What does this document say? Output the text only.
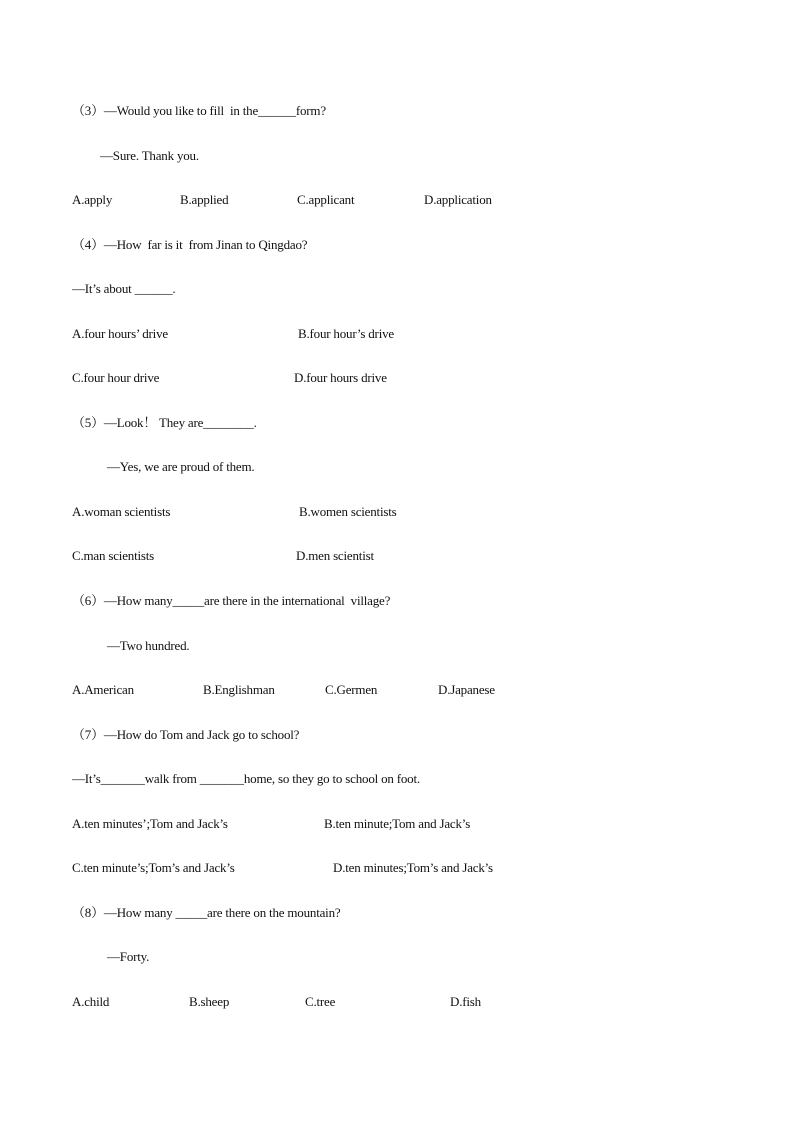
（3）—Would you like to fill  in the______form?
—Sure. Thank you.
A.apply	B.applied	C.applicant	D.application
（4）—How  far is it  from Jinan to Qingdao?
—It’s about ______.
A.four hours’ drive	B.four hour’s drive
C.four hour drive	D.four hours drive
（5）—Look！ They are________.
—Yes, we are proud of them.
A.woman scientists	B.women scientists
C.man scientists	D.men scientist
（6）—How many_____are there in the international  village?
—Two hundred.
A.American	B.Englishman	C.Germen	D.Japanese
（7）—How do Tom and Jack go to school?
—It’s_______walk from _______home, so they go to school on foot.
A.ten minutes’;Tom and Jack’s	B.ten minute;Tom and Jack’s
C.ten minute’s;Tom’s and Jack’s	D.ten minutes;Tom’s and Jack’s
（8）—How many _____are there on the mountain?
—Forty.
A.child	B.sheep	C.tree	D.fish
